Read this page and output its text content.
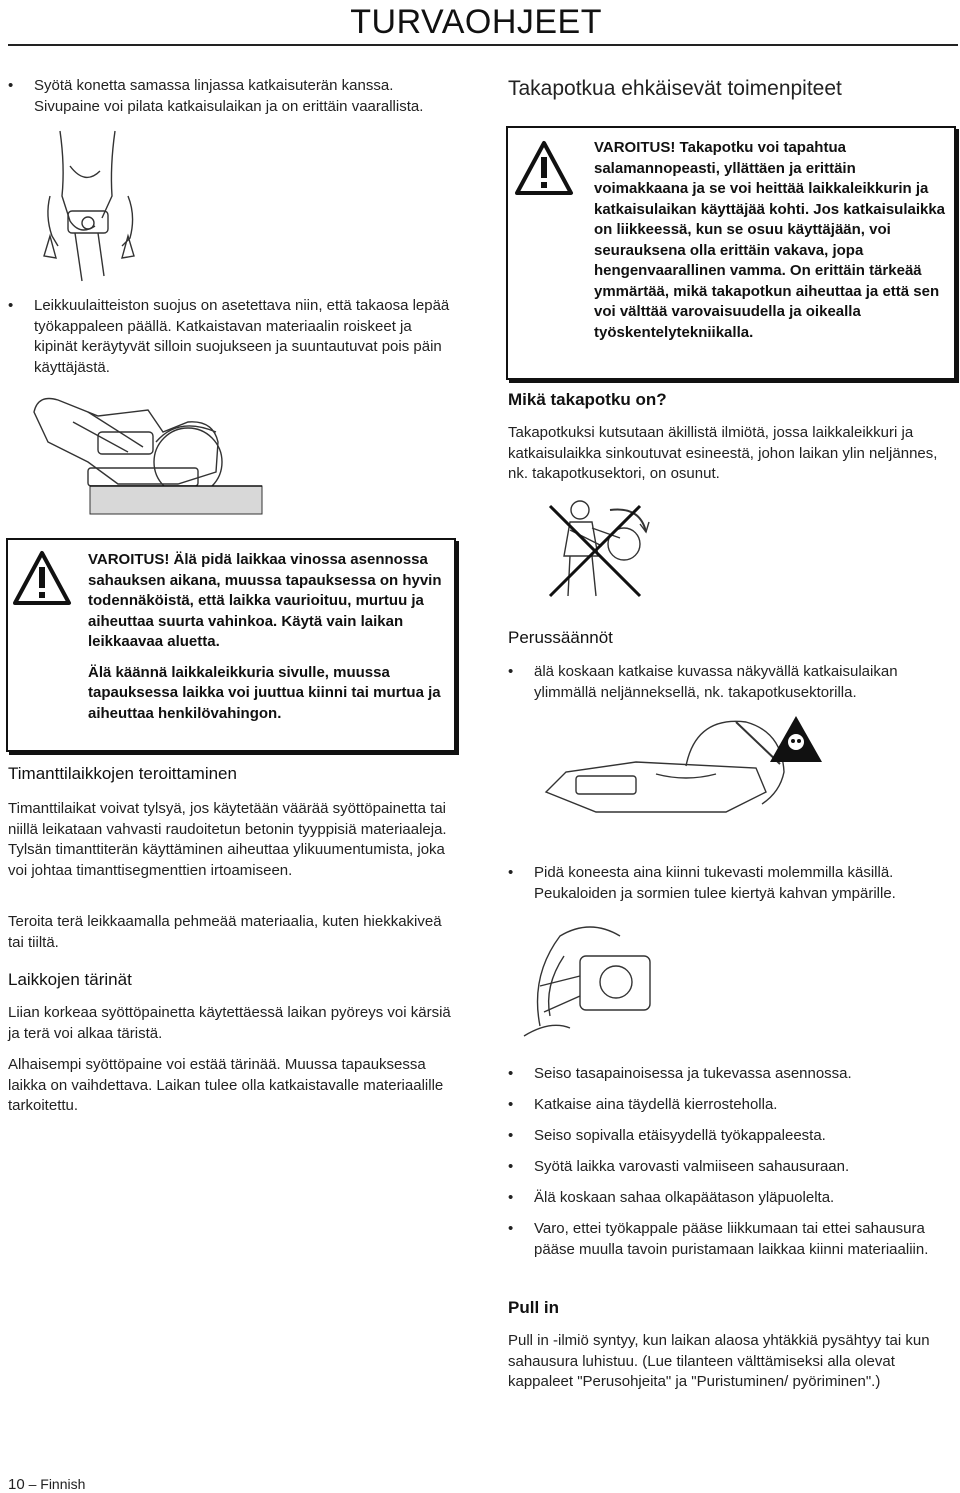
TURVAOHJEET
• Syötä konetta samassa linjassa katkaisuterän kanssa. Sivupaine voi pilata katkaisulaikan ja on erittäin vaarallista.
• Leikkuulaitteiston suojus on asetettava niin, että takaosa lepää työkappaleen päällä. Katkaistavan materiaalin roiskeet ja kipinät keräytyvät silloin suojukseen ja suuntautuvat pois päin käyttäjästä.

VAROITUS! Älä pidä laikkaa vinossa asennossa sahauksen aikana, muussa tapauksessa on hyvin todennäköistä, että laikka vaurioituu, murtuu ja aiheuttaa suurta vahinkoa. Käytä vain laikan leikkaavaa aluetta.

Älä käännä laikkaleikkuria sivulle, muussa tapauksessa laikka voi juuttua kiinni tai murtua ja aiheuttaa henkilövahingon.

Timanttilaikkojen teroittaminen
Timanttilaikat voivat tylsyä, jos käytetään väärää syöttöpainetta tai niillä leikataan vahvasti raudoitetun betonin tyyppisiä materiaaleja. Tylsän timanttiterän käyttäminen aiheuttaa ylikuumentumista, joka voi johtaa timanttisegmenttien irtoamiseen.
Teroita terä leikkaamalla pehmeää materiaalia, kuten hiekkakiveä tai tiiltä.
Laikkojen tärinät
Liian korkeaa syöttöpainetta käytettäessä laikan pyöreys voi kärsiä ja terä voi alkaa täristä.
Alhaisempi syöttöpaine voi estää tärinää. Muussa tapauksessa laikka on vaihdettava. Laikan tulee olla katkaistavalle materiaalille tarkoitettu.
Takapotkua ehkäisevät toimenpiteet
VAROITUS! Takapotku voi tapahtua salamannopeasti, yllättäen ja erittäin voimakkaana ja se voi heittää laikkaleikkurin ja katkaisulaikan käyttäjää kohti. Jos katkaisulaikka on liikkeessä, kun se osuu käyttäjään, voi seurauksena olla erittäin vakava, jopa hengenvaarallinen vamma. On erittäin tärkeää ymmärtää, mikä takapotkun aiheuttaa ja että sen voi välttää varovaisuudella ja oikealla työskentelytekniikalla.
Mikä takapotku on?
Takapotkuksi kutsutaan äkillistä ilmiötä, jossa laikkaleikkuri ja katkaisulaikka sinkoutuvat esineestä, johon laikan ylin neljännes, nk. takapotkusektori, on osunut.
Perussäännöt
• älä koskaan katkaise kuvassa näkyvällä katkaisulaikan ylimmällä neljänneksellä, nk. takapotkusektorilla.
• Pidä koneesta aina kiinni tukevasti molemmilla käsillä. Peukaloiden ja sormien tulee kiertyä kahvan ympärille.
• Seiso tasapainoisessa ja tukevassa asennossa.
• Katkaise aina täydellä kierrosteholla.
• Seiso sopivalla etäisyydellä työkappaleesta.
• Syötä laikka varovasti valmiiseen sahausuraan.
• Älä koskaan sahaa olkapäätason yläpuolelta.
• Varo, ettei työkappale pääse liikkumaan tai ettei sahausura pääse muulla tavoin puristamaan laikkaa kiinni materiaaliin.
Pull in
Pull in -ilmiö syntyy, kun laikan alaosa yhtäkkiä pysähtyy tai kun sahausura luhistuu. (Lue tilanteen välttämiseksi alla olevat kappaleet "Perusohjeita" ja "Puristuminen/ pyöriminen".)
10 – Finnish
